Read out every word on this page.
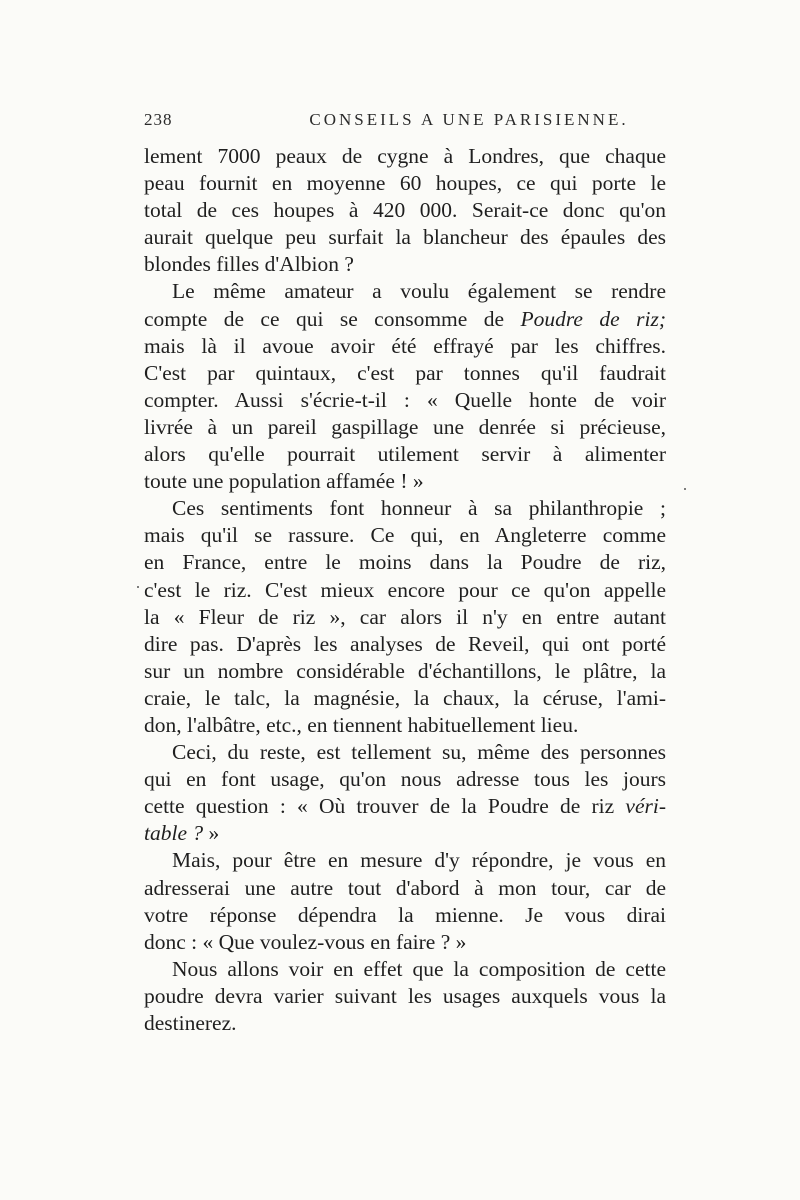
238	CONSEILS A UNE PARISIENNE.
lement 7000 peaux de cygne à Londres, que chaque
peau fournit en moyenne 60 houpes, ce qui porte le
total de ces houpes à 420 000. Serait-ce donc qu'on
aurait quelque peu surfait la blancheur des épaules des
blondes filles d'Albion ?
Le même amateur a voulu également se rendre
compte de ce qui se consomme de Poudre de riz;
mais là il avoue avoir été effrayé par les chiffres.
C'est par quintaux, c'est par tonnes qu'il faudrait
compter. Aussi s'écrie-t-il : « Quelle honte de voir
livrée à un pareil gaspillage une denrée si précieuse,
alors qu'elle pourrait utilement servir à alimenter
toute une population affamée ! »
Ces sentiments font honneur à sa philanthropie ;
mais qu'il se rassure. Ce qui, en Angleterre comme
en France, entre le moins dans la Poudre de riz,
c'est le riz. C'est mieux encore pour ce qu'on appelle
la « Fleur de riz », car alors il n'y en entre autant
dire pas. D'après les analyses de Reveil, qui ont porté
sur un nombre considérable d'échantillons, le plâtre, la
craie, le talc, la magnésie, la chaux, la céruse, l'ami-
don, l'albâtre, etc., en tiennent habituellement lieu.
Ceci, du reste, est tellement su, même des personnes
qui en font usage, qu'on nous adresse tous les jours
cette question : « Où trouver de la Poudre de riz véri-
table ? »
Mais, pour être en mesure d'y répondre, je vous en
adresserai une autre tout d'abord à mon tour, car de
votre réponse dépendra la mienne. Je vous dirai
donc : « Que voulez-vous en faire ? »
Nous allons voir en effet que la composition de cette
poudre devra varier suivant les usages auxquels vous la
destinerez.
